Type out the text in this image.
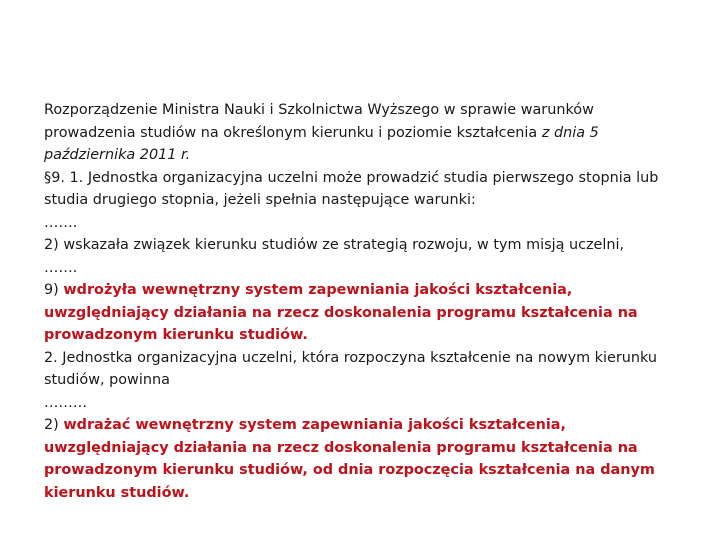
Rozporządzenie Ministra Nauki i Szkolnictwa Wyższego w sprawie warunków prowadzenia studiów na określonym kierunku i poziomie kształcenia z dnia 5 października 2011 r.
§9. 1. Jednostka organizacyjna uczelni może prowadzić studia pierwszego stopnia lub studia drugiego stopnia, jeżeli spełnia następujące warunki:
…….
2) wskazała związek kierunku studiów ze strategią rozwoju, w tym misją uczelni,
…….
9) wdrożyła wewnętrzny system zapewniania jakości kształcenia, uwzględniający działania na rzecz doskonalenia programu kształcenia na prowadzonym kierunku studiów.
2. Jednostka organizacyjna uczelni, która rozpoczyna kształcenie na nowym kierunku studiów, powinna
………
2) wdrażać wewnętrzny system zapewniania jakości kształcenia, uwzględniający działania na rzecz doskonalenia programu kształcenia na prowadzonym kierunku studiów, od dnia rozpoczęcia kształcenia na danym kierunku studiów.
